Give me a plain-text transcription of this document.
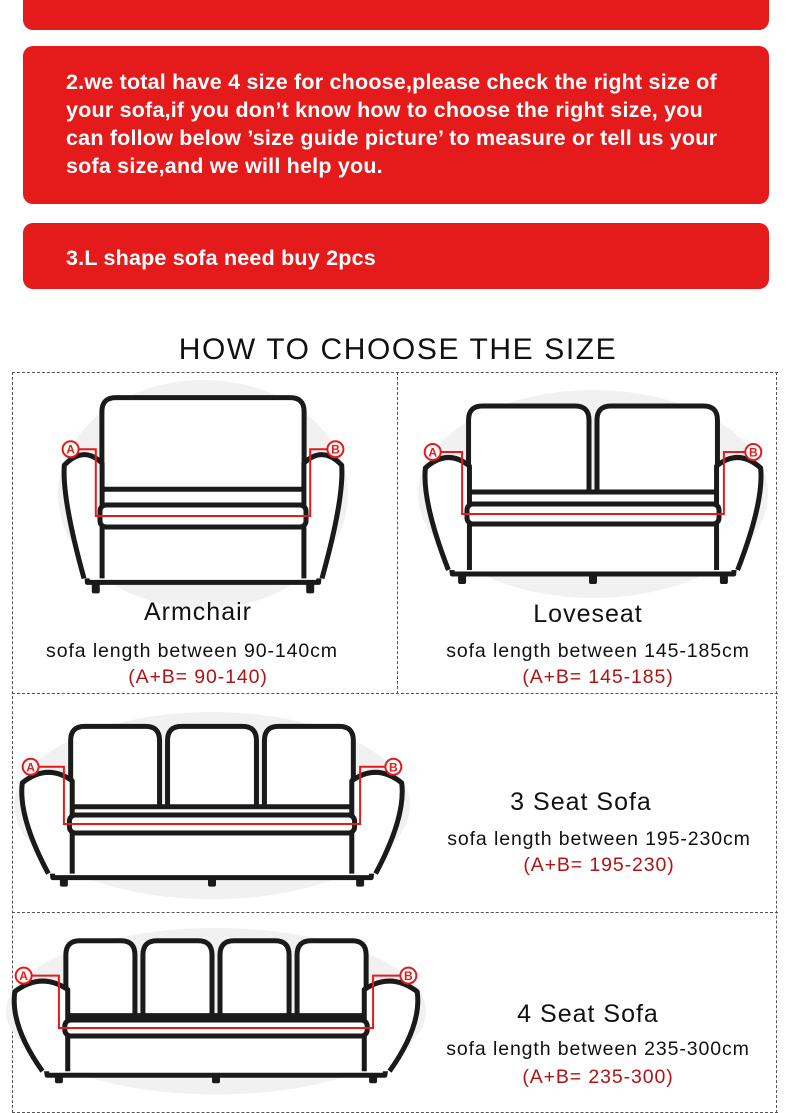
2.we total have 4 size for choose,please check the right size of your sofa,if you don’t know how to choose the right size, you can follow below ’size guide picture’ to measure or tell us your sofa size,and we will help you.
3.L shape sofa need buy 2pcs
HOW TO CHOOSE THE SIZE
A	B
Armchair
sofa length between 90-140cm
(A+B= 90-140)
A	B
Loveseat
sofa length between 145-185cm
(A+B= 145-185)
A	B
3 Seat Sofa
sofa length between 195-230cm
(A+B= 195-230)
A	B
4 Seat Sofa
sofa length between 235-300cm
(A+B= 235-300)
